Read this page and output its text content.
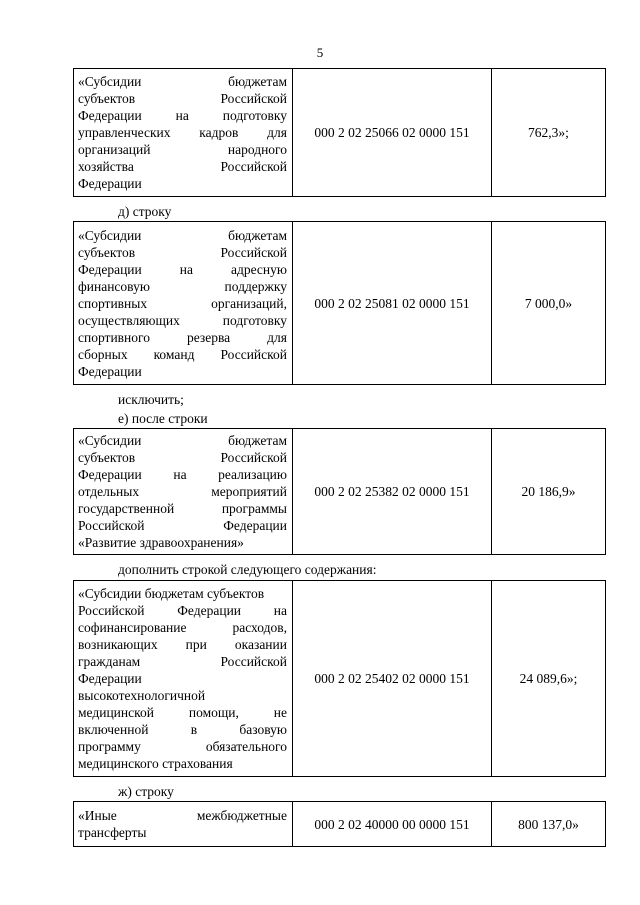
5
«Субсидии	бюджетам
субъектов	Российской
Федерации	на	подготовку
управленческих кадров для
организаций	народного
хозяйства	Российской
Федерации
	000 2 02 25066 02 0000 151	762,3»;
д) строку
«Субсидии	бюджетам
субъектов	Российской
Федерации	на	адресную
финансовую	поддержку
спортивных	организаций,
осуществляющих	подготовку
спортивного	резерва	для
сборных команд Российской
Федерации
	000 2 02 25081 02 0000 151	7 000,0»
исключить;
е) после строки
«Субсидии	бюджетам
субъектов	Российской
Федерации на реализацию
отдельных	мероприятий
государственной	программы
Российской	Федерации
«Развитие здравоохранения»
	000 2 02 25382 02 0000 151	20 186,9»
дополнить строкой следующего содержания:
«Субсидии бюджетам субъектов
Российской Федерации на
софинансирование	расходов,
возникающих при оказании
гражданам	Российской
Федерации
высокотехнологичной
медицинской	помощи,	не
включенной	в	базовую
программу	обязательного
медицинского страхования
	000 2 02 25402 02 0000 151	24 089,6»;
ж) строку
«Иные	межбюджетные
трансферты
	000 2 02 40000 00 0000 151	800 137,0»
